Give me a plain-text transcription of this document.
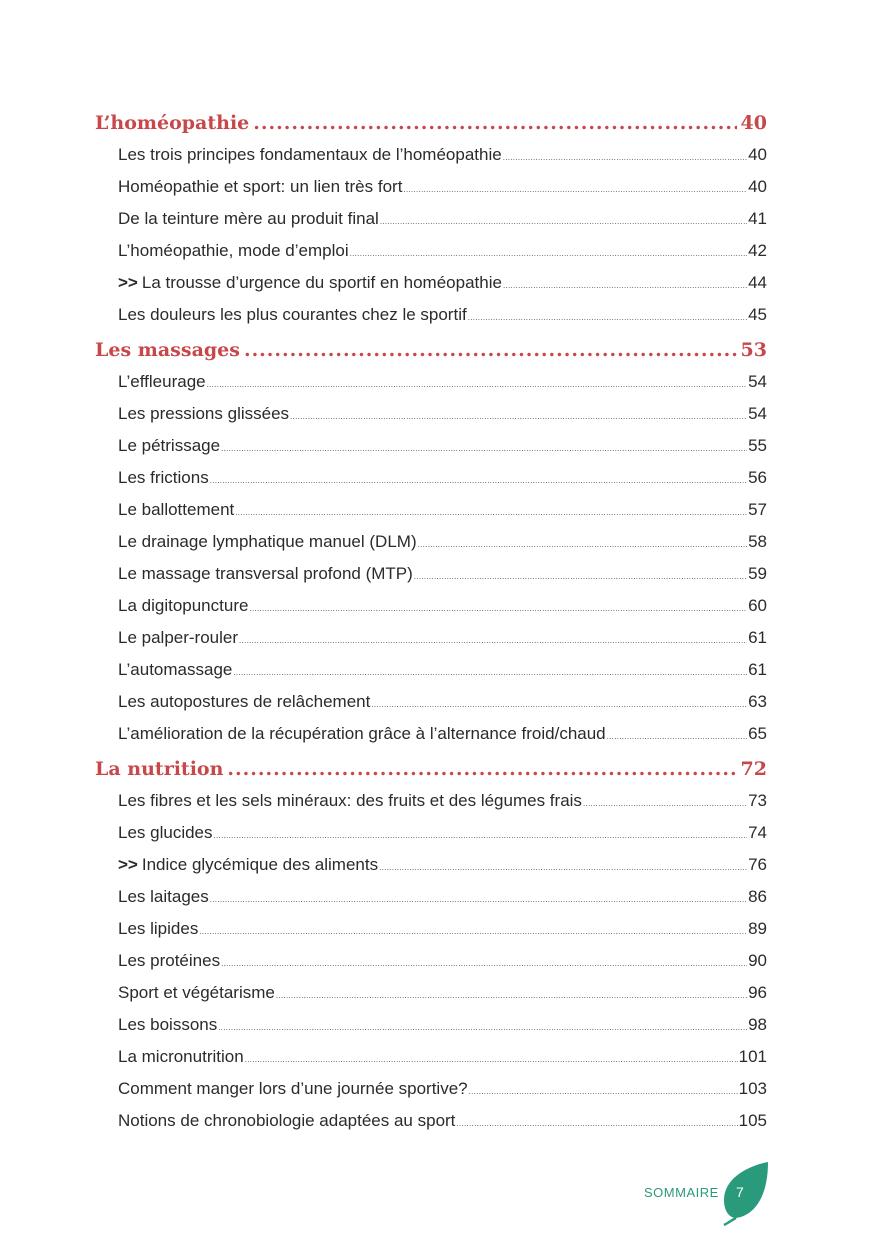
L’homéopathie .....	40
Les trois principes fondamentaux de l’homéopathie .....	40
Homéopathie et sport: un lien très fort .....	40
De la teinture mère au produit final .....	41
L’homéopathie, mode d’emploi .....	42
>> La trousse d’urgence du sportif en homéopathie .....	44
Les douleurs les plus courantes chez le sportif .....	45
Les massages .....	53
L’effleurage .....	54
Les pressions glissées .....	54
Le pétrissage .....	55
Les frictions .....	56
Le ballottement .....	57
Le drainage lymphatique manuel (DLM) .....	58
Le massage transversal profond (MTP) .....	59
La digitopuncture .....	60
Le palper-rouler .....	61
L’automassage .....	61
Les autopostures de relâchement .....	63
L’amélioration de la récupération grâce à l’alternance froid/chaud .....	65
La nutrition .....	72
Les fibres et les sels minéraux: des fruits et des légumes frais .....	73
Les glucides .....	74
>> Indice glycémique des aliments .....	76
Les laitages .....	86
Les lipides .....	89
Les protéines .....	90
Sport et végétarisme .....	96
Les boissons .....	98
La micronutrition .....	101
Comment manger lors d’une journée sportive? .....	103
Notions de chronobiologie adaptées au sport .....	105
SOMMAIRE 7
